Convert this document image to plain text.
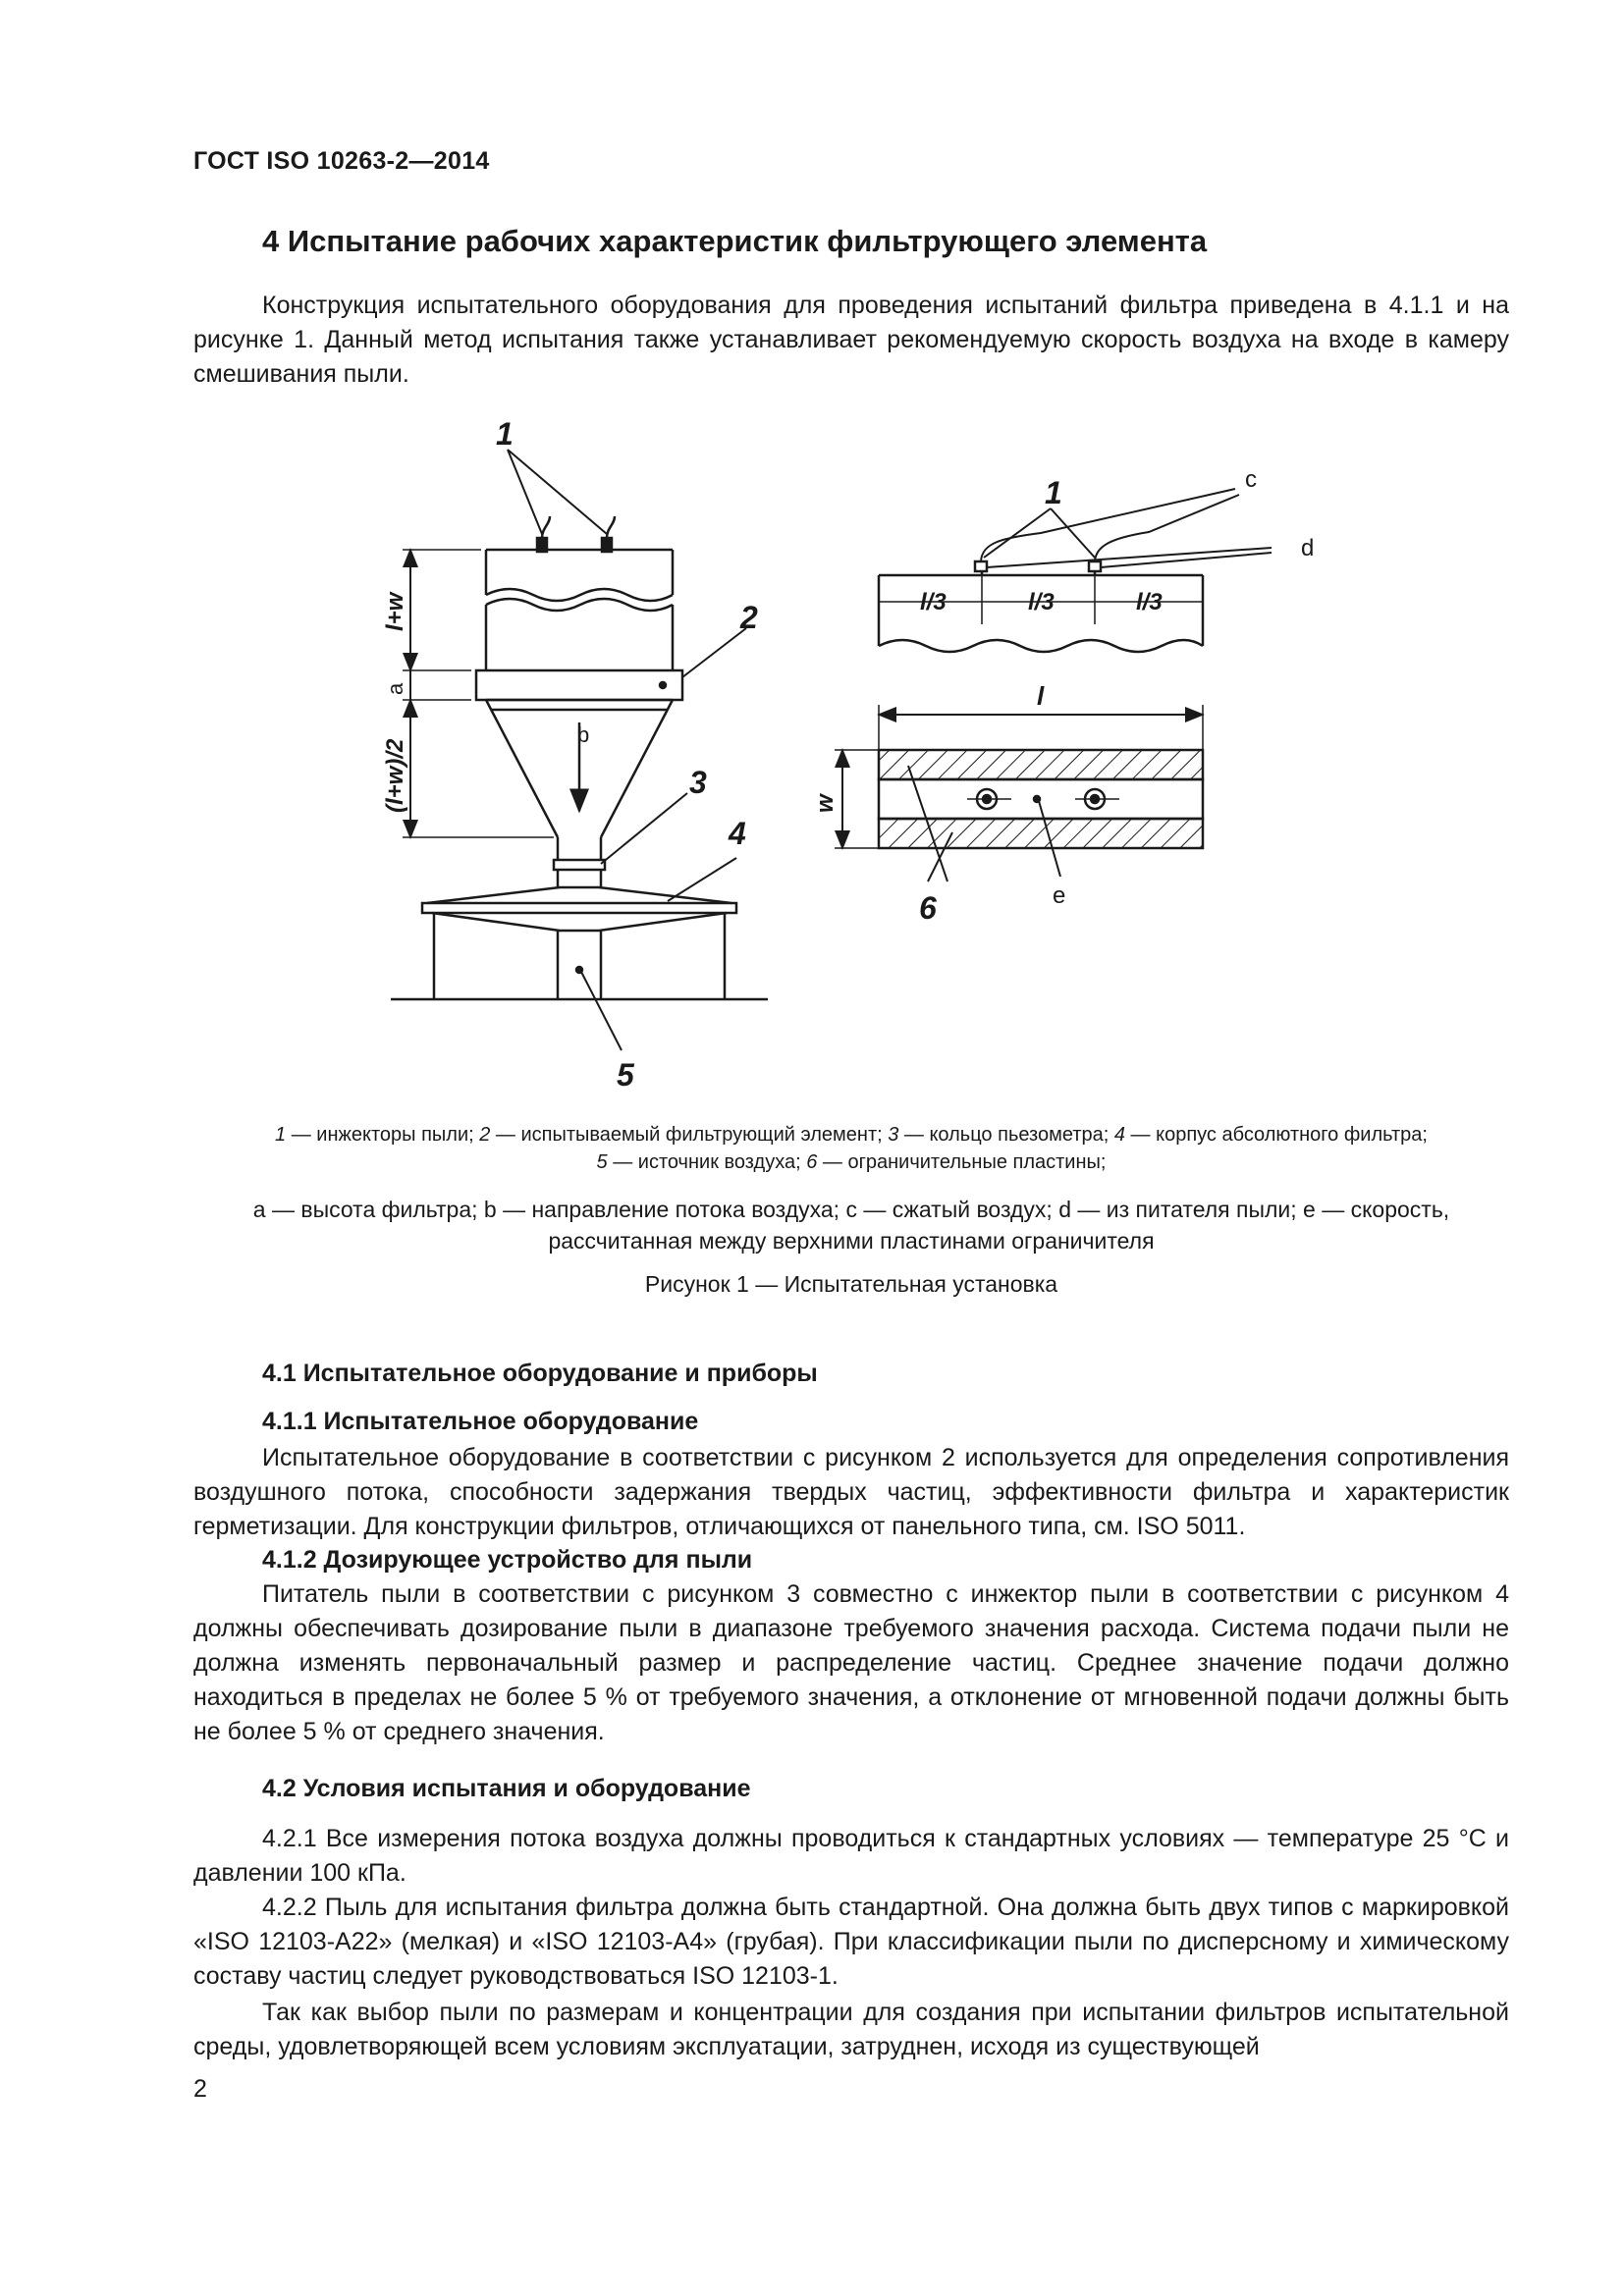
ГОСТ ISO 10263-2—2014
4 Испытание рабочих характеристик фильтрующего элемента
Конструкция испытательного оборудования для проведения испытаний фильтра приведена в 4.1.1 и на рисунке 1. Данный метод испытания также устанавливает рекомендуемую скорость воздуха на входе в камеру смешивания пыли.
1
2
3
4
5
1
6
b
c
d
e
l/3	l/3	l/3
l
w
l+w
a
(l+w)/2
1 — инжекторы пыли; 2 — испытываемый фильтрующий элемент; 3 — кольцо пьезометра; 4 — корпус абсолютного фильтра;
5 — источник воздуха; 6 — ограничительные пластины;
a — высота фильтра; b — направление потока воздуха; c — сжатый воздух; d — из питателя пыли; e — скорость, рассчитанная между верхними пластинами ограничителя
Рисунок 1 — Испытательная установка
4.1 Испытательное оборудование и приборы
4.1.1 Испытательное оборудование
Испытательное оборудование в соответствии с рисунком 2 используется для определения сопротивления воздушного потока, способности задержания твердых частиц, эффективности фильтра и характеристик герметизации. Для конструкции фильтров, отличающихся от панельного типа, см. ISO 5011.
4.1.2 Дозирующее устройство для пыли
Питатель пыли в соответствии с рисунком 3 совместно с инжектор пыли в соответствии с рисунком 4 должны обеспечивать дозирование пыли в диапазоне требуемого значения расхода. Система подачи пыли не должна изменять первоначальный размер и распределение частиц. Среднее значение подачи должно находиться в пределах не более 5 % от требуемого значения, а отклонение от мгновенной подачи должны быть не более 5 % от среднего значения.
4.2 Условия испытания и оборудование
4.2.1 Все измерения потока воздуха должны проводиться к стандартных условиях — температуре 25 °С и давлении 100 кПа.
4.2.2 Пыль для испытания фильтра должна быть стандартной. Она должна быть двух типов с маркировкой «ISO 12103-A22» (мелкая) и «ISO 12103-A4» (грубая). При классификации пыли по дисперсному и химическому составу частиц следует руководствоваться ISO 12103-1.
Так как выбор пыли по размерам и концентрации для создания при испытании фильтров испытательной среды, удовлетворяющей всем условиям эксплуатации, затруднен, исходя из существующей
2
